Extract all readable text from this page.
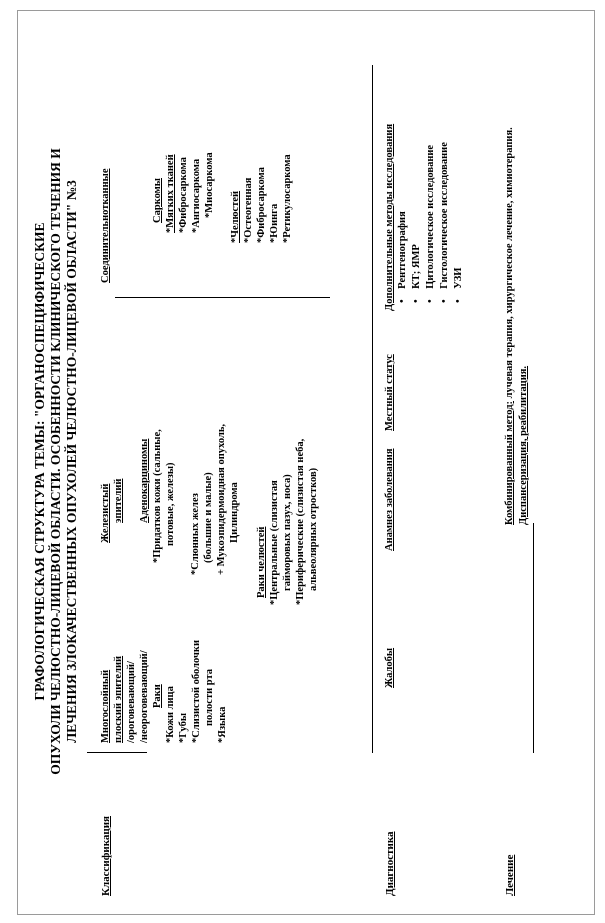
ГРАФОЛОГИЧЕСКАЯ СТРУКТУРА ТЕМЫ: "ОРГАНОСПЕЦИФИЧЕСКИЕ ОПУХОЛИ ЧЕЛЮСТНО-ЛИЦЕВОЙ ОБЛАСТИ. ОСОБЕННОСТИ КЛИНИЧЕСКОГО ТЕЧЕНИЯ И ЛЕЧЕНИЯ ЗЛОКАЧЕСТВЕННЫХ ОПУХОЛЕЙ ЧЕЛЮСТНО-ЛИЦЕВОЙ ОБЛАСТИ" №3
Классификация
Многослойный плоский эпителий /ороговевающий/ /неороговевающий/ Раки *Кожи лица *Губы *Слизистой оболочки полости рта *Языка
Железистый эпителий Аденокарциномы *Придатков кожи (сальные, потовые, железы) *Слюнных желез (большие и малые) + Мукоэпидермоидная опухоль, Цилиндрома
Раки челюстей *Центральные (слизистая гайморовых пазух, носа) *Периферические (слизистая неба, альвеолярных отростков)
Соединительнотканные	Саркомы *Мягких тканей *Фибросаркома *Ангиосаркома *Миосаркома *Челюстей *Остеогенная *Фибросаркома *Юинга *Ретикулосаркома
Диагностика
Жалобы
Анамнез заболевания
Местный статус
Дополнительные методы исследования •    Рентгенография
•    КТ; ЯМР
•    Цитологическое исследование
•    Гистологическое исследование
•    УЗИ
Лечение
Комбинированный метод: лучевая терапия, хирургическое лечение, химиотерапия.
Диспансеризация, реабилитация.
